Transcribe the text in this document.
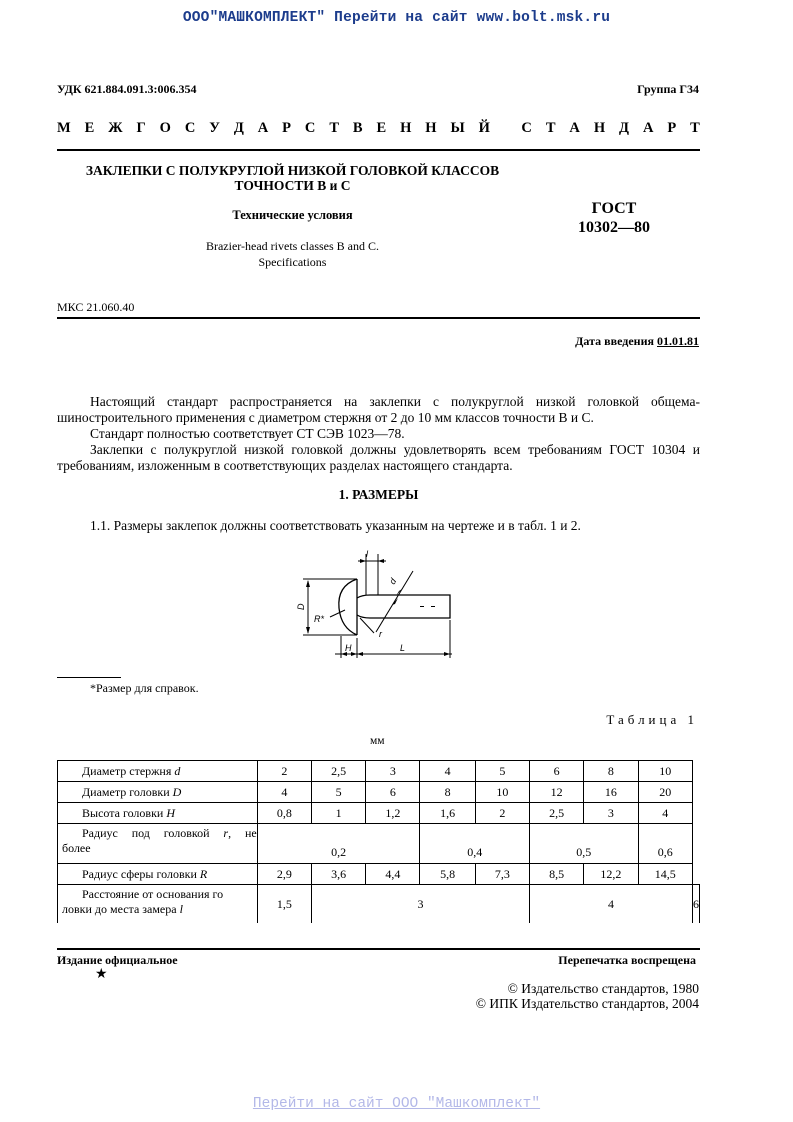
ООО"МАШКОМПЛЕКТ" Перейти на сайт www.bolt.msk.ru
УДК 621.884.091.3:006.354	Группа Г34
М Е Ж Г О С У Д А Р С Т В Е Н Н Ы Й
С Т А Н Д А Р Т
ЗАКЛЕПКИ С ПОЛУКРУГЛОЙ НИЗКОЙ ГОЛОВКОЙ КЛАССОВ
ТОЧНОСТИ В и С
Технические условия
Brazier-head rivets classes В and С.
Specifications
ГОСТ
10302—80
МКС 21.060.40
Дата введения 01.01.81

Настоящий стандарт распространяется на заклепки с полукруглой низкой головкой общемашиностроительного применения с диаметром стержня от 2 до 10 мм классов точности В и С.

Стандарт полностью соответствует СТ СЭВ 1023—78.

Заклепки с полукруглой низкой головкой должны удовлетворять всем требованиям ГОСТ 10304 и требованиям, изложенным в соответствующих разделах настоящего стандарта.

1. РАЗМЕРЫ
1.1. Размеры заклепок должны соответствовать указанным на чертеже и в табл. 1 и 2.
l
d
D
R*
r
H	L
*Размер для справок.
Таблица 1
мм
Диаметр стержня d	2	2,5	3	4	5	6	8	10	
Диаметр головки D	4	5	6	8	10	12	16	20	
Высота головки H	0,8	1	1,2	1,6	2	2,5	3	4	

Радиус под головкой r, не
более	0,2			0,4		0,5		0,6	
Радиус сферы головки R	2,9	3,6	4,4	5,8	7,3	8,5	12,2	14,5	

Расстояние от основания го
ловки до места замера l	1,5	3				4			6
Издание официальное
★
Перепечатка воспрещена
© Издательство стандартов, 1980
© ИПК Издательство стандартов, 2004
Перейти на сайт ООО "Машкомплект"
